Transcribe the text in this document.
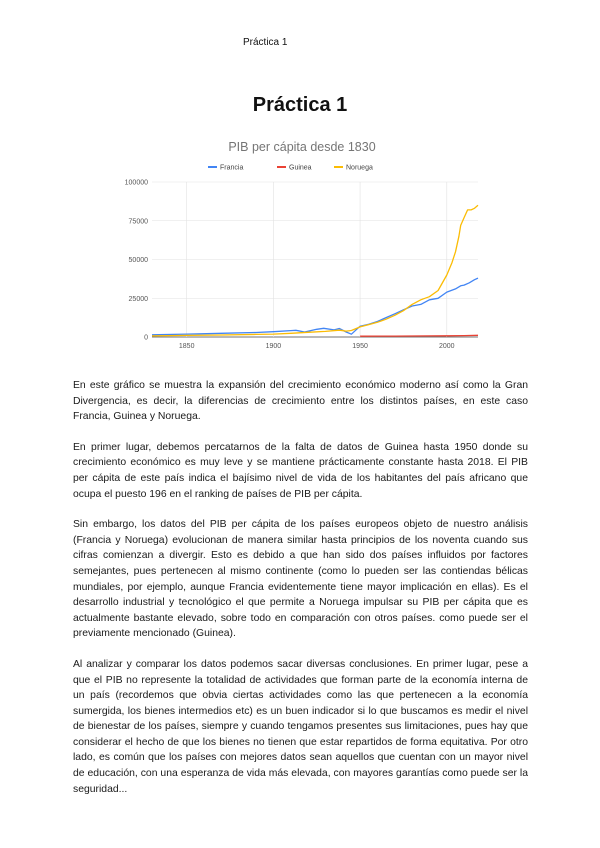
Práctica 1
Práctica 1
PIB per cápita desde 1830
Francia	Guinea	Noruega
0
25000
50000
75000
100000
1850	1900	1950	2000

En este gráfico se muestra la expansión del crecimiento económico moderno así como la Gran Divergencia, es decir, la diferencias de crecimiento entre los distintos países, en este caso Francia, Guinea y Noruega.

En primer lugar, debemos percatarnos de la falta de datos de Guinea hasta 1950 donde su crecimiento económico es muy leve y se mantiene prácticamente constante hasta 2018. El PIB per cápita de este país indica el bajísimo nivel de vida de los habitantes del país africano que ocupa el puesto 196 en el ranking de países de PIB per cápita.

Sin embargo, los datos del PIB per cápita de los países europeos objeto de nuestro análisis (Francia y Noruega) evolucionan de manera similar hasta principios de los noventa cuando sus cifras comienzan a divergir. Esto es debido a que han sido dos países influidos por factores semejantes, pues pertenecen al mismo continente (como lo pueden ser las contiendas bélicas mundiales, por ejemplo, aunque Francia evidentemente tiene mayor implicación en ellas). Es el desarrollo industrial y tecnológico el que permite a Noruega impulsar su PIB per cápita que es actualmente bastante elevado, sobre todo en comparación con otros países. como puede ser el previamente mencionado (Guinea).

Al analizar y comparar los datos podemos sacar diversas conclusiones. En primer lugar, pese a que el PIB no represente la totalidad de actividades que forman parte de la economía interna de un país (recordemos que obvia ciertas actividades como las que pertenecen a la economía sumergida, los bienes intermedios etc) es un buen indicador si lo que buscamos es medir el nivel de bienestar de los países, siempre y cuando tengamos presentes sus limitaciones, pues hay que considerar el hecho de que los bienes no tienen que estar repartidos de forma equitativa. Por otro lado, es común que los países con mejores datos sean aquellos que cuentan con un mayor nivel de educación, con una esperanza de vida más elevada, con mayores garantías como puede ser la seguridad...
